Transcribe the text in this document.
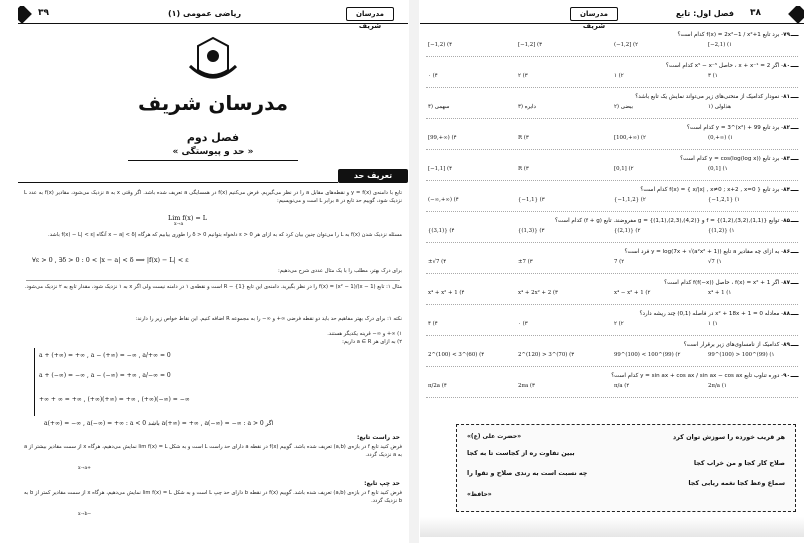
۳۹	ریاضی عمومی (۱)	مدرسان شریف
مدرسان شریف
فصل دوم
« حد و پیوستگی »
تعریف حد
تابع با دامنه‌ی y = f(x) و نقطه‌های مقابل a را در نظر می‌گیریم. فرض می‌کنیم f(x) در همسایگی a تعریف شده باشد. اگر وقتی x به a نزدیک می‌شود، مقادیر f(x) به عدد L نزدیک شود، گوییم حد تابع در a برابر L است و می‌نویسیم:
Lim f(x) = L
x→a
مسئله نزدیک شدن f(x) به L را می‌توان چنین بیان کرد که به ازای هر ε > 0 دلخواه بتوانیم δ > 0 را طوری بیابیم که هرگاه |x − a| < δ آنگاه |f(x) − L| < ε باشد.
∀ε > 0 , ∃δ > 0 : 0 < |x − a| < δ ⟹ |f(x) − L| < ε
برای درک بهتر، مطلب را با یک مثال عددی شرح می‌دهیم:
مثال ۱: تابع f(x) = (x² − 1)/(x − 1) را در نظر بگیرید. دامنه‌ی این تابع R − {1} است و نقطه‌ی ۱ در دامنه نیست ولی اگر x به ۱ نزدیک شود، مقدار تابع به ۲ نزدیک می‌شود.
نکته ۱: برای درک بهتر مفاهیم حد باید دو نقطه فرضی ∞+ و ∞− را به مجموعه R اضافه کنیم. این نقاط خواص زیر را دارند:
۱) ∞+ و ∞− قرینه یکدیگر هستند.
۲) به ازای هر a ∈ R داریم:
a + (+∞) = +∞ , a − (+∞) = −∞ , a/+∞ = 0
a + (−∞) = −∞ , a − (−∞) = +∞ , a/−∞ = 0
+∞ + ∞ = +∞ , (+∞)(+∞) = +∞ , (+∞)(−∞) = −∞
a(+∞) = −∞ , a(−∞) = +∞ : a < 0 باشد a(+∞) = +∞ , a(−∞) = −∞ : a > 0 اگر
حد راست تابع:
فرض کنید تابع f در بازه‌ی (a,b) تعریف شده باشد. گوییم f(x) در نقطه a دارای حد راست L است و به شکل lim f(x) = L نمایش می‌دهیم، هرگاه x از سمت مقادیر بیشتر از a به a نزدیک گردد.
x→a+
حد چپ تابع:
فرض کنید تابع f در بازه‌ی (a,b) تعریف شده باشد. گوییم f(x) در نقطه b دارای حد چپ L است و به شکل lim f(x) = L نمایش می‌دهیم، هرگاه x از سمت مقادیر کمتر از b به b نزدیک گردد.
x→b−
مدرسان شریف
فصل اول: تابع ۳۸
۷۹‑ برد تابع f(x) = 2x²−1 / x²+1 کدام است؟
[−1,2) (۴	[−1,2] (۳	(−1,2] (۲	[−2,1) (۱
۸۰‑ اگر x + x⁻¹ = 2 ، حاصل x⁵ − x⁻⁵ کدام است؟
۰ (۴	۲ (۳	۱ (۲	۳ (۱
۸۱‑ نمودار کدامیک از منحنی‌های زیر می‌تواند نمایش یک تابع باشد؟
سهمی (۴	دایره (۳	بیضی (۲	هذلولی (۱
۸۲‑ برد تابع y = 3^(x²) + 99 کدام است؟
[99,+∞) (۴	R (۳	[100,+∞) (۲	(0,+∞) (۱
۸۳‑ برد تابع y = cos(log(log x)) کدام است؟
[−1,1] (۴	R (۳	[0,1] (۲	(0,1] (۱
۸۴‑ برد تابع f(x) = { x/|x| , x≠0 ; x+2 , x=0 } کدام است؟
(−∞,+∞) (۴	{−1,1} (۳	{−1,1,2} (۲	{−1,2,1} (۱
۸۵‑ توابع f = {(1,2),(3,2),(1,1)} و g = {(1,1),(2,3),(4,2)} مفروضند. تابع (f + g) کدام است؟
{(3,1)} (۴	{(1,3)} (۳	{(2,1)} (۲	{(1,2)} (۱
۸۶‑ به ازای چه مقادیر a تابع y = log(7x + √(a²x² + 1)) فرد است؟
±√7 (۴	±7 (۳	7 (۲	√7 (۱
۸۷‑ اگر f(x) = x² + 1 ، حاصل f(f(−x)) کدام است؟
x⁴ + x² + 1 (۴	x⁴ + 2x² + 2 (۳	x⁴ − x² + 1 (۲	x⁴ + 1 (۱
۸۸‑ معادله x² + 18x + 1 = 0 در فاصله (0,1) چند ریشه دارد؟
۴ (۴	۰ (۳	۲ (۲	۱ (۱
۸۹‑ کدامیک از نامساوی‌های زیر برقرار است؟
2^(100) < 3^(60) (۴	2^(120) > 3^(70) (۳	99^(100) < 100^(99) (۲	99^(100) > 100^(99) (۱
۹۰‑ دوره تناوب تابع y = sin ax + cos ax / sin ax − cos ax کدام است؟
π/2a (۴	2πa (۳	π/a (۲	2π/a (۱
هر قریب خورده را سوزش توان کرد
«حضرت علی (ع)»
ببین تفاوت ره از کجاست تا به کجا
صلاح کار کجا و من خراب کجا
چه نسبت است به رندی صلاح و تقوا را
سماع وعظ کجا نغمه ربابی کجا
«حافظ»
